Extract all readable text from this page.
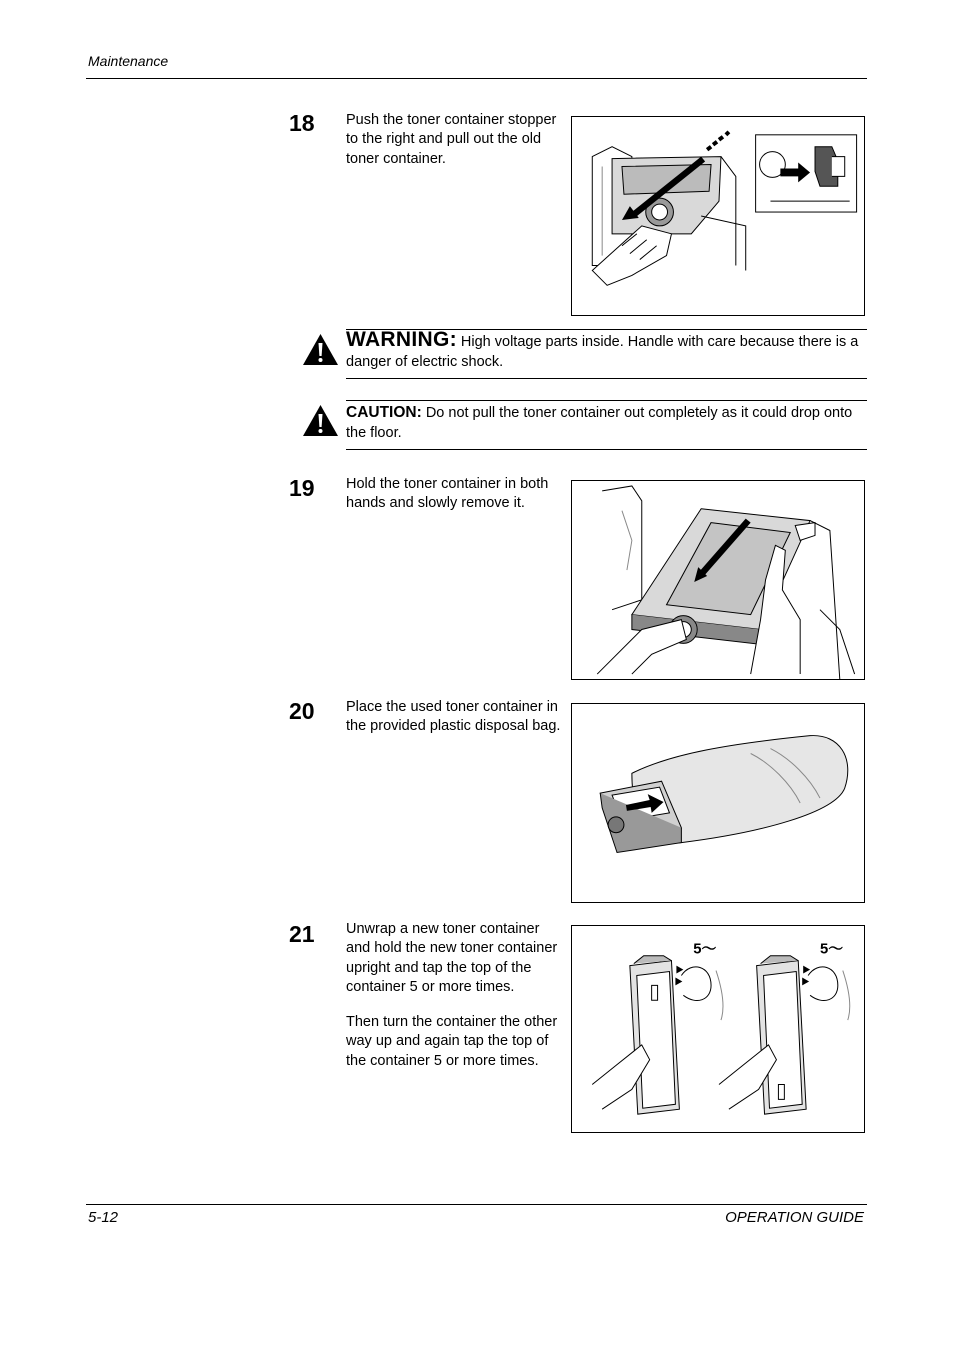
Maintenance
18 Push the toner container stopper to the right and pull out the old toner container.

WARNING: High voltage parts inside. Handle with care because there is a danger of electric shock.
CAUTION: Do not pull the toner container out completely as it could drop onto the floor.
19 Hold the toner container in both hands and slowly remove it.

20 Place the used toner container in the provided plastic disposal bag.

21 Unwrap a new toner container and hold the new toner container upright and tap the top of the container 5 or more times.

Then turn the container the other way up and again tap the top of the container 5 or more times.

5～	5～
5-12	OPERATION GUIDE
